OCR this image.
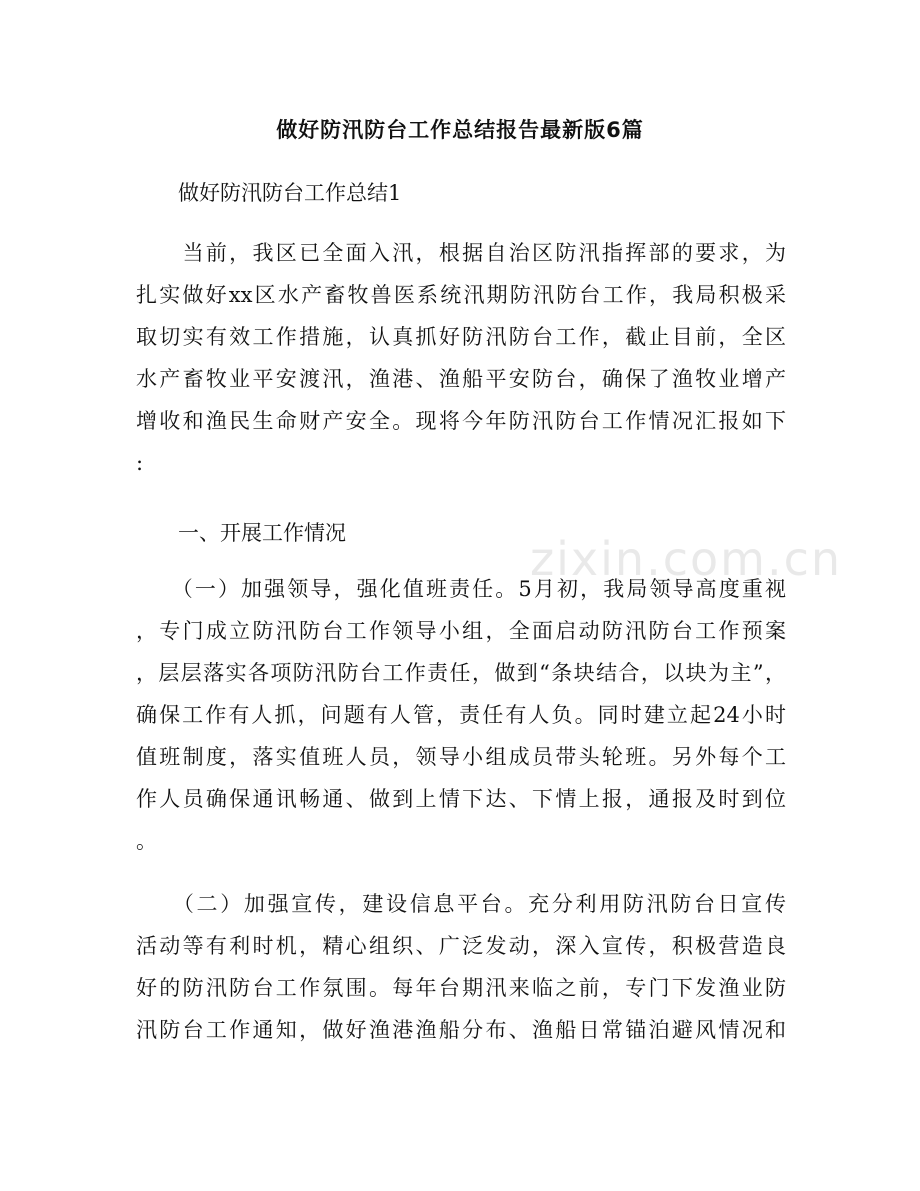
zixin.com.cn
做好防汛防台工作总结报告最新版6篇
做好防汛防台工作总结1
　　当前，我区已全面入汛，根据自治区防汛指挥部的要求，为
扎实做好xx区水产畜牧兽医系统汛期防汛防台工作，我局积极采
取切实有效工作措施，认真抓好防汛防台工作，截止目前，全区
水产畜牧业平安渡汛，渔港、渔船平安防台，确保了渔牧业增产
增收和渔民生命财产安全。现将今年防汛防台工作情况汇报如下
:
　　一、开展工作情况
　　（一）加强领导，强化值班责任。5月初，我局领导高度重视
，专门成立防汛防台工作领导小组，全面启动防汛防台工作预案
，层层落实各项防汛防台工作责任，做到“条块结合，以块为主”，
确保工作有人抓，问题有人管，责任有人负。同时建立起24小时
值班制度，落实值班人员，领导小组成员带头轮班。另外每个工
作人员确保通讯畅通、做到上情下达、下情上报，通报及时到位
。
　　（二）加强宣传，建设信息平台。充分利用防汛防台日宣传
活动等有利时机，精心组织、广泛发动，深入宣传，积极营造良
好的防汛防台工作氛围。每年台期汛来临之前，专门下发渔业防
汛防台工作通知，做好渔港渔船分布、渔船日常锚泊避风情况和
